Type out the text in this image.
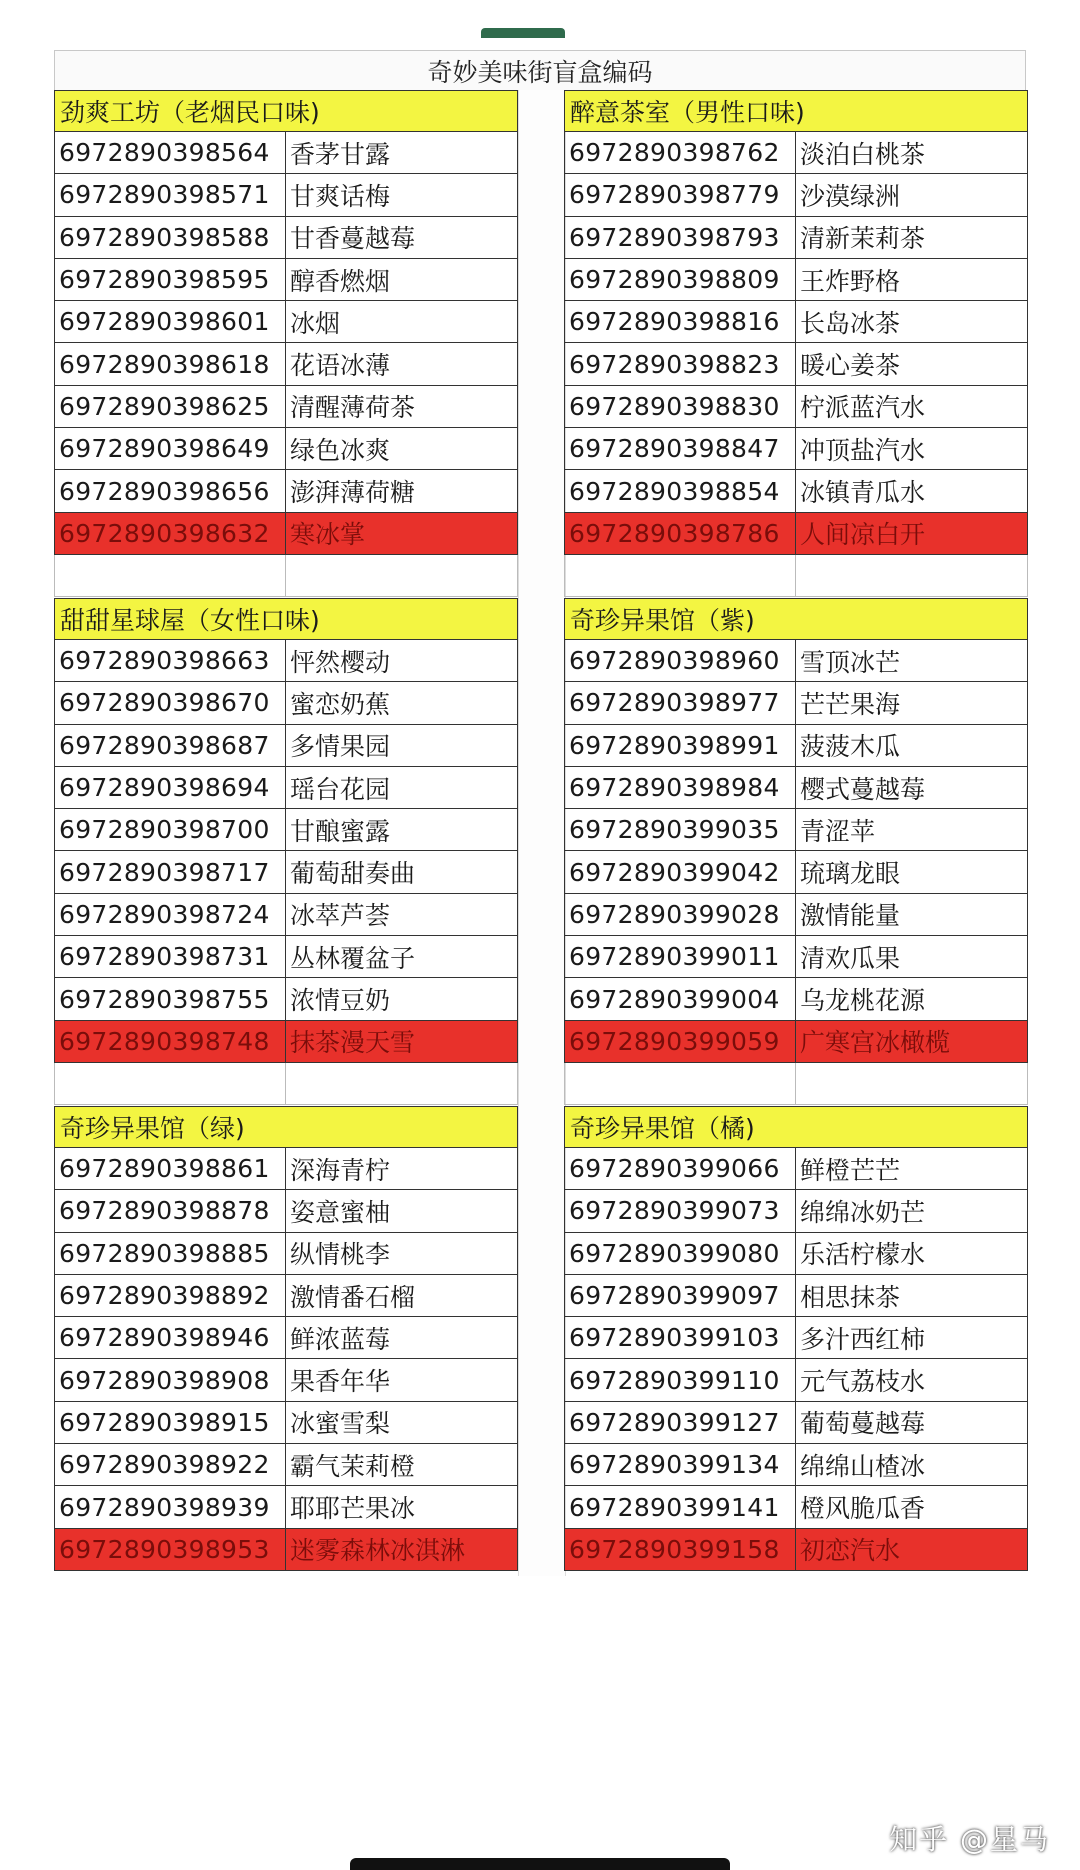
奇妙美味街盲盒编码
劲爽工坊（老烟民口味)
6972890398564 香茅甘露
6972890398571 甘爽话梅
6972890398588 甘香蔓越莓
6972890398595 醇香燃烟
6972890398601 冰烟
6972890398618 花语冰薄
6972890398625 清醒薄荷茶
6972890398649 绿色冰爽
6972890398656 澎湃薄荷糖
6972890398632 寒冰掌
醉意茶室（男性口味)
6972890398762 淡泊白桃茶
6972890398779 沙漠绿洲
6972890398793 清新茉莉茶
6972890398809 王炸野格
6972890398816 长岛冰茶
6972890398823 暖心姜茶
6972890398830 柠派蓝汽水
6972890398847 冲顶盐汽水
6972890398854 冰镇青瓜水
6972890398786 人间凉白开
甜甜星球屋（女性口味)
6972890398663 怦然樱动
6972890398670 蜜恋奶蕉
6972890398687 多情果园
6972890398694 瑶台花园
6972890398700 甘酿蜜露
6972890398717 葡萄甜奏曲
6972890398724 冰萃芦荟
6972890398731 丛林覆盆子
6972890398755 浓情豆奶
6972890398748 抹茶漫天雪
奇珍异果馆（紫)
6972890398960 雪顶冰芒
6972890398977 芒芒果海
6972890398991 菠菠木瓜
6972890398984 樱式蔓越莓
6972890399035 青涩苹
6972890399042 琉璃龙眼
6972890399028 激情能量
6972890399011 清欢瓜果
6972890399004 乌龙桃花源
6972890399059 广寒宫冰橄榄
奇珍异果馆（绿)
6972890398861 深海青柠
6972890398878 姿意蜜柚
6972890398885 纵情桃李
6972890398892 激情番石榴
6972890398946 鲜浓蓝莓
6972890398908 果香年华
6972890398915 冰蜜雪梨
6972890398922 霸气茉莉橙
6972890398939 耶耶芒果冰
6972890398953 迷雾森林冰淇淋
奇珍异果馆（橘)
6972890399066 鲜橙芒芒
6972890399073 绵绵冰奶芒
6972890399080 乐活柠檬水
6972890399097 相思抹茶
6972890399103 多汁西红柿
6972890399110 元气荔枝水
6972890399127 葡萄蔓越莓
6972890399134 绵绵山楂冰
6972890399141 橙风脆瓜香
6972890399158 初恋汽水
知乎 @星马
